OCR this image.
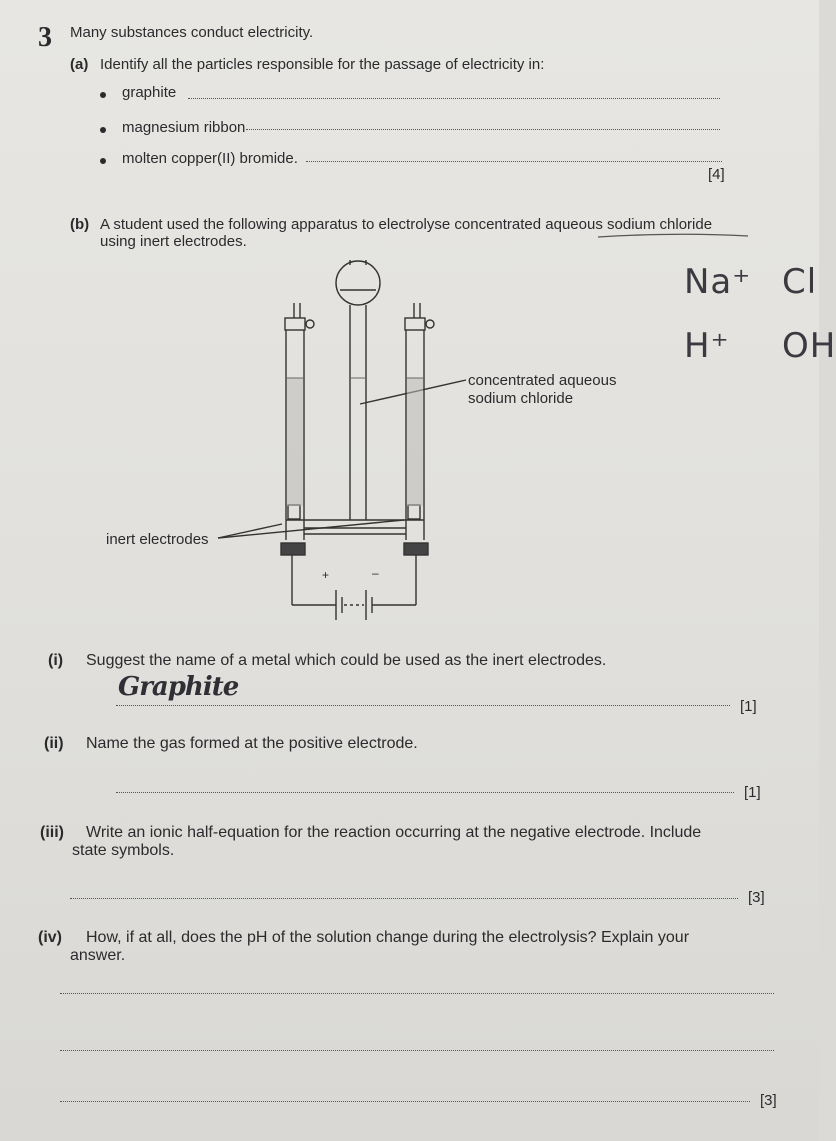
3 Many substances conduct electricity.
(a) Identify all the particles responsible for the passage of electricity in:
graphite
magnesium ribbon
molten copper(II) bromide.
[4]
(b) A student used the following apparatus to electrolyse concentrated aqueous sodium chloride
using inert electrodes.
Na⁺ Cl
H⁺ OH
concentrated aqueous
sodium chloride
inert electrodes
+	–
(i) Suggest the name of a metal which could be used as the inert electrodes.
Graphite
[1]
(ii) Name the gas formed at the positive electrode.
[1]
(iii) Write an ionic half-equation for the reaction occurring at the negative electrode. Include
state symbols.
[3]
(iv) How, if at all, does the pH of the solution change during the electrolysis? Explain your
answer.
[3]
